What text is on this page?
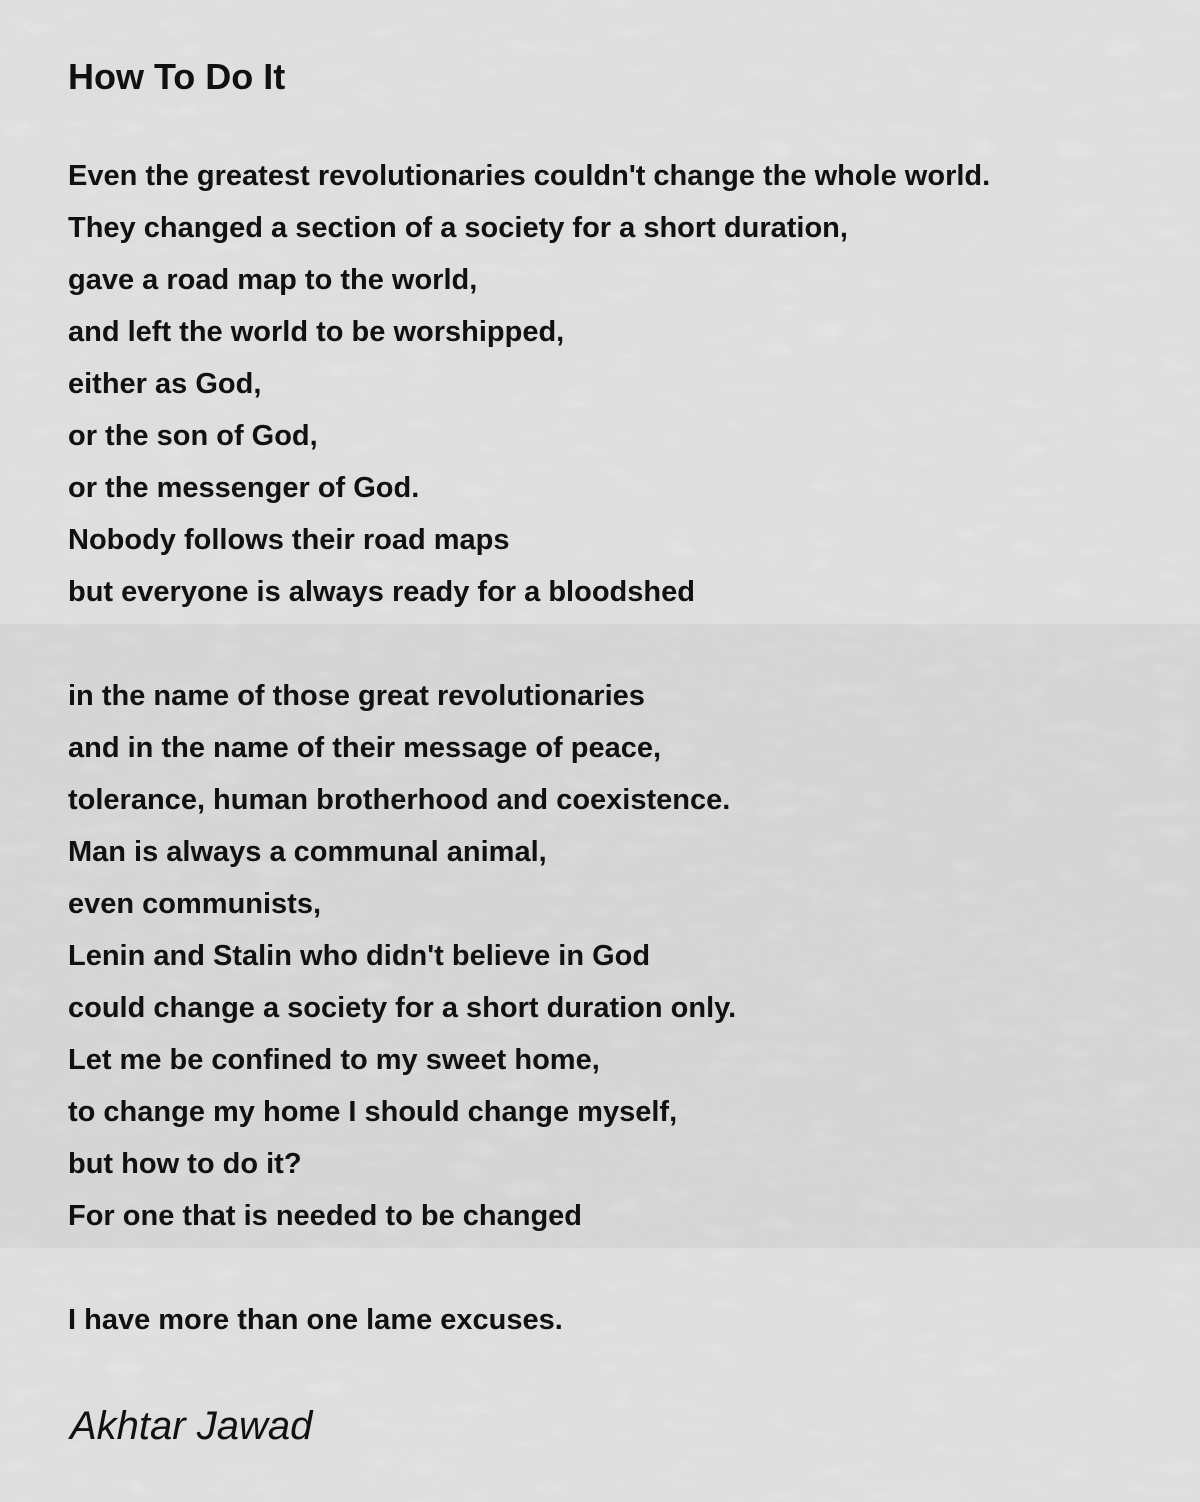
How To Do It
Even the greatest revolutionaries couldn't change the whole world.
They changed a section of a society for a short duration,
gave a road map to the world,
and left the world to be worshipped,
either as God,
or the son of God,
or the messenger of God.
Nobody follows their road maps
but everyone is always ready for a bloodshed
in the name of those great revolutionaries
and in the name of their message of peace,
tolerance, human brotherhood and coexistence.
Man is always a communal animal,
even communists,
Lenin and Stalin who didn't believe in God
could change a society for a short duration only.
Let me be confined to my sweet home,
to change my home I should change myself,
but how to do it?
For one that is needed to be changed
I have more than one lame excuses.

Akhtar Jawad
